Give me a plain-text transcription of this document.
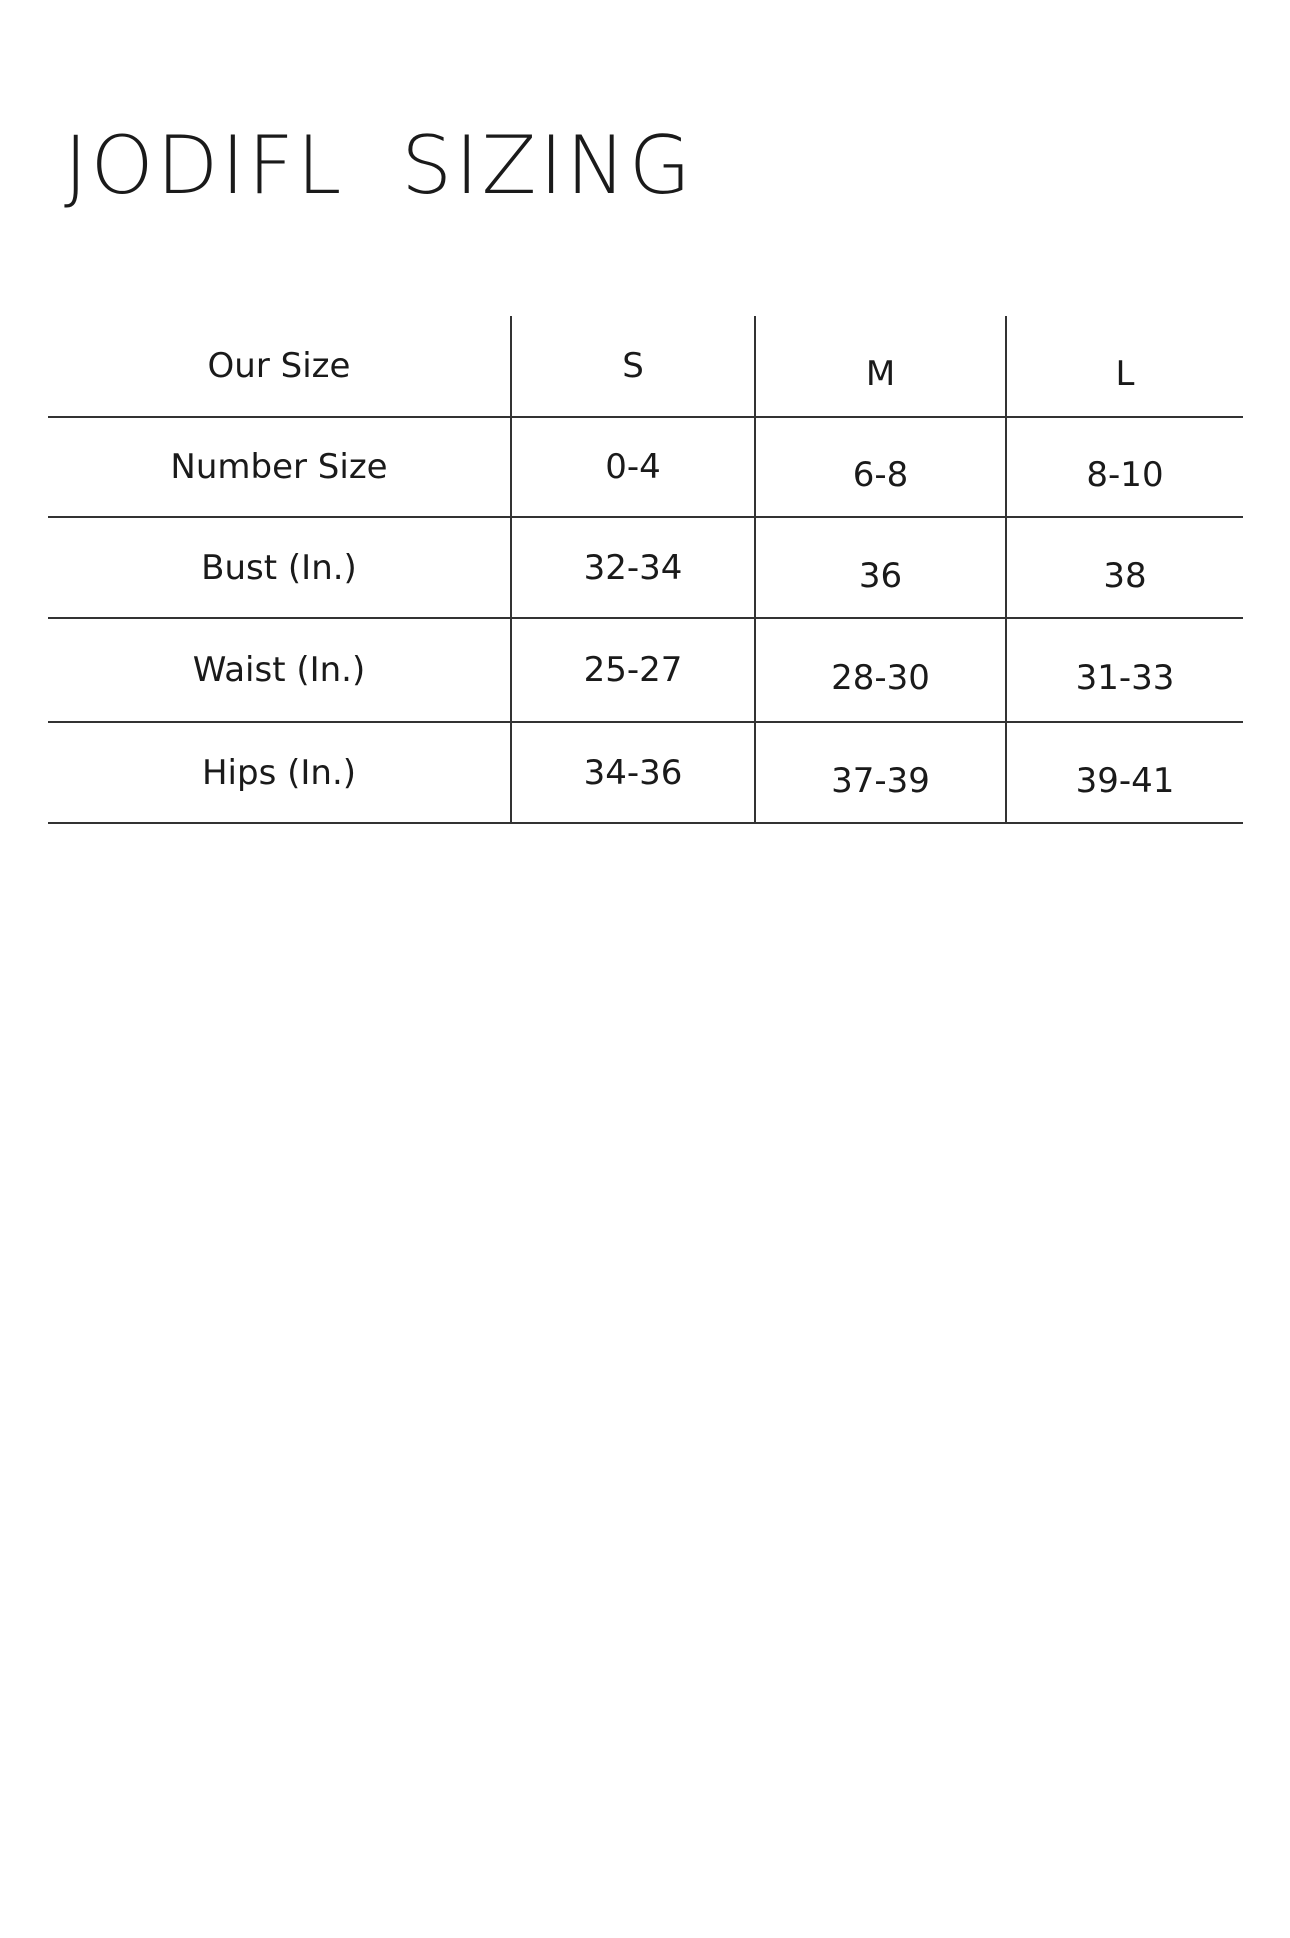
JODIFL  SIZING
Our Size	S	M	L
Number Size	0-4	6-8	8-10
Bust (In.)	32-34	36	38
Waist (In.)	25-27	28-30	31-33
Hips (In.)	34-36	37-39	39-41
